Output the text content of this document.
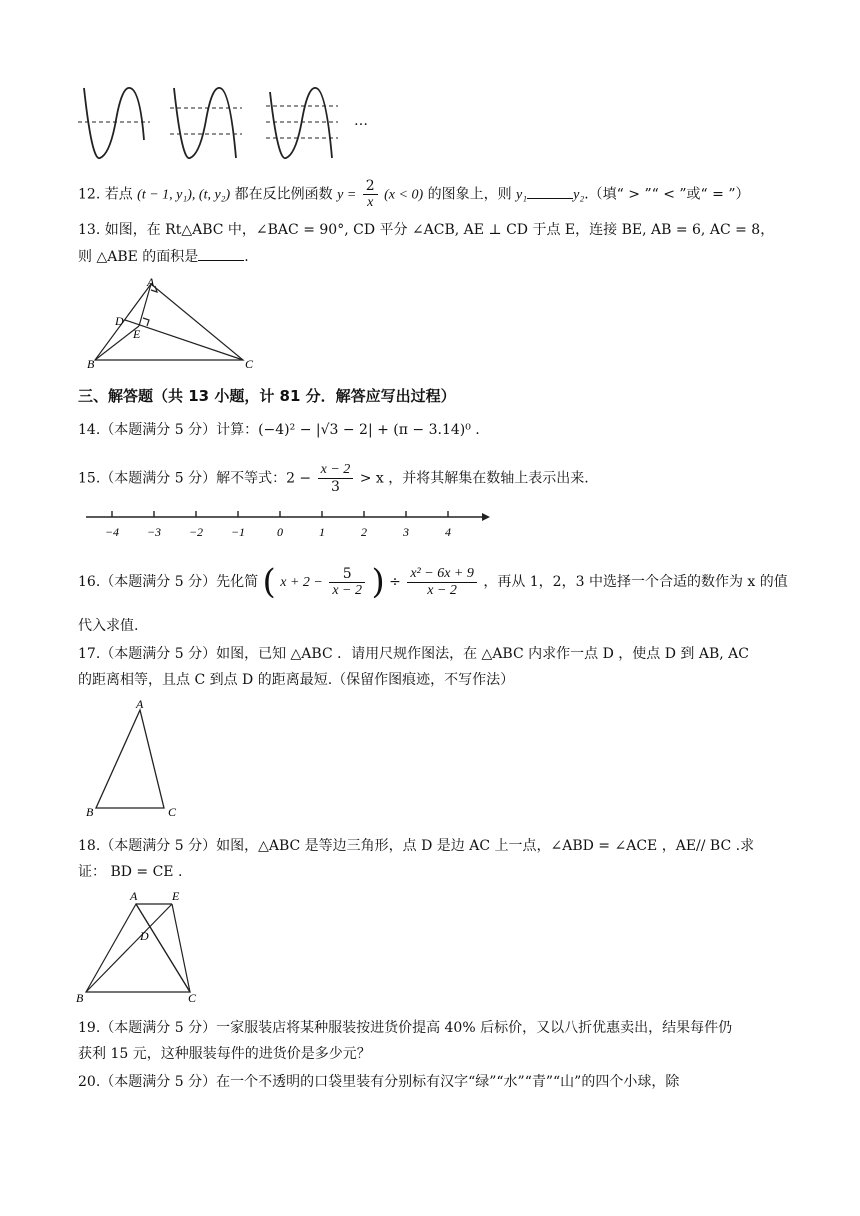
…
12. 若点 (t − 1, y₁), (t, y₂) 都在反比例函数 $y = \frac{2}{x} (x < 0)$ 的图象上，则 y₁	y₂.（填“ > ”“ < ”或“ = ”）
13. 如图，在 Rt△ABC 中，∠BAC = 90°, CD 平分 ∠ACB, AE ⊥ CD 于点 E，连接 BE, AB = 6, AC = 8，
则 △ABE 的面积是	.
A
D
E
B	C
三、解答题（共 13 小题，计 81 分．解答应写出过程）
14.（本题满分 5 分）计算：(−4)² − |√3 − 2| + (π − 3.14)⁰ .
15.（本题满分 5 分）解不等式：$2 - \frac{x - 2}{3} > x$ ，并将其解集在数轴上表示出来.
−4 −3 −2 −1	0	1	2	3	4
16.（本题满分 5 分）先化简 ( $x + 2 - \frac{5}{x - 2}$ ) ÷ $\frac{\text{x² − 6x + 9}}{x - 2}$ ，再从 1，2，3 中选择一个合适的数作为 x 的值
代入求值.
17.（本题满分 5 分）如图，已知 △ABC ．请用尺规作图法，在 △ABC 内求作一点 D ，使点 D 到 AB, AC
的距离相等，且点 C 到点 D 的距离最短.（保留作图痕迹，不写作法）
A
B	C
18.（本题满分 5 分）如图，△ABC 是等边三角形，点 D 是边 AC 上一点，∠ABD = ∠ACE ，AE// BC .求
证： BD = CE .
A	E
D
B	C
19.（本题满分 5 分）一家服装店将某种服装按进货价提高 40% 后标价，又以八折优惠卖出，结果每件仍
获利 15 元，这种服装每件的进货价是多少元？
20.（本题满分 5 分）在一个不透明的口袋里装有分别标有汉字“绿”“水”“青”“山”的四个小球，除
